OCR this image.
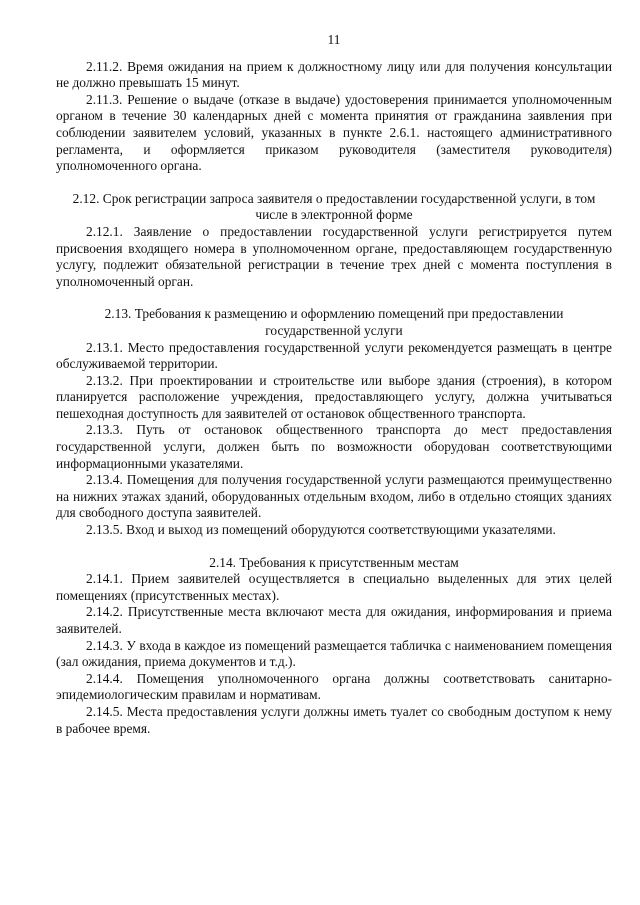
11

2.11.2. Время ожидания на прием к должностному лицу или для получения консультации не должно превышать 15 минут.

2.11.3. Решение о выдаче (отказе в выдаче) удостоверения принимается уполномоченным органом в течение 30 календарных дней с момента принятия от гражданина заявления при соблюдении заявителем условий, указанных в пункте 2.6.1. настоящего административного регламента, и оформляется приказом руководителя (заместителя руководителя) уполномоченного органа.

2.12. Срок регистрации запроса заявителя о предоставлении государственной услуги, в том числе в электронной форме

2.12.1. Заявление о предоставлении государственной услуги регистрируется путем присвоения входящего номера в уполномоченном органе, предоставляющем государственную услугу, подлежит обязательной регистрации в течение трех дней с момента поступления в уполномоченный орган.

2.13. Требования к размещению и оформлению помещений при предоставлении государственной услуги

2.13.1. Место предоставления государственной услуги рекомендуется размещать в центре обслуживаемой территории.

2.13.2. При проектировании и строительстве или выборе здания (строения), в котором планируется расположение учреждения, предоставляющего услугу, должна учитываться пешеходная доступность для заявителей от остановок общественного транспорта.

2.13.3. Путь от остановок общественного транспорта до мест предоставления государственной услуги, должен быть по возможности оборудован соответствующими информационными указателями.

2.13.4. Помещения для получения государственной услуги размещаются преимущественно на нижних этажах зданий, оборудованных отдельным входом, либо в отдельно стоящих зданиях для свободного доступа заявителей.

2.13.5. Вход и выход из помещений оборудуются соответствующими указателями.

2.14. Требования к присутственным местам

2.14.1. Прием заявителей осуществляется в специально выделенных для этих целей помещениях (присутственных местах).

2.14.2. Присутственные места включают места для ожидания, информирования и приема заявителей.

2.14.3. У входа в каждое из помещений размещается табличка с наименованием помещения (зал ожидания, приема документов и т.д.).

2.14.4. Помещения уполномоченного органа должны соответствовать санитарно-эпидемиологическим правилам и нормативам.

2.14.5. Места предоставления услуги должны иметь туалет со свободным доступом к нему в рабочее время.
